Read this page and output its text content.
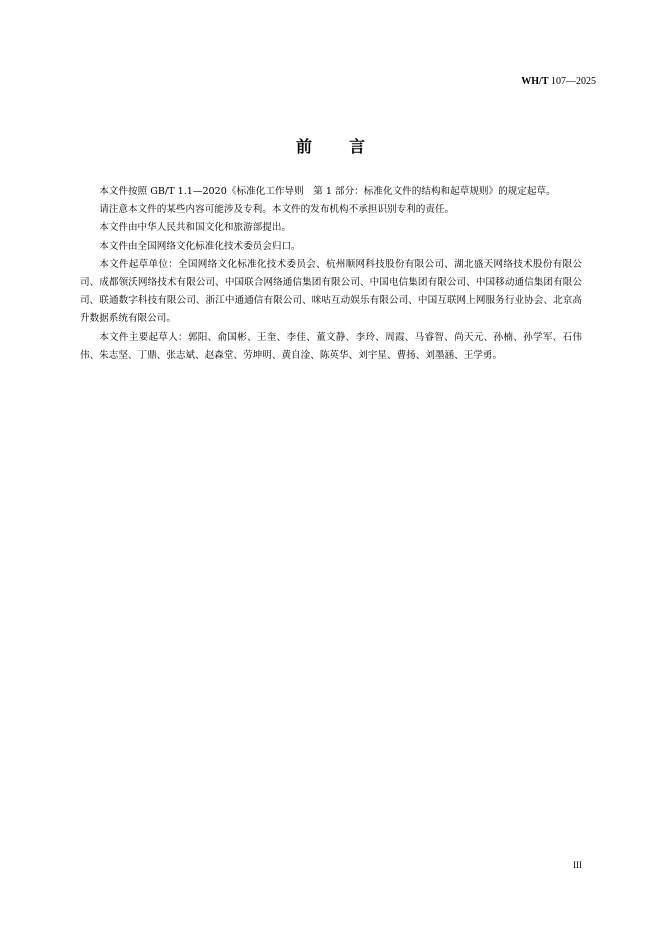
WH/T 107—2025
前 言

本文件按照 GB/T 1.1—2020《标准化工作导则　第 1 部分：标准化文件的结构和起草规则》的规定起草。

请注意本文件的某些内容可能涉及专利。本文件的发布机构不承担识别专利的责任。

本文件由中华人民共和国文化和旅游部提出。

本文件由全国网络文化标准化技术委员会归口。

本文件起草单位：全国网络文化标准化技术委员会、杭州顺网科技股份有限公司、湖北盛天网络技术股份有限公司、成都领沃网络技术有限公司、中国联合网络通信集团有限公司、中国电信集团有限公司、中国移动通信集团有限公司、联通数字科技有限公司、浙江中通通信有限公司、咪咕互动娱乐有限公司、中国互联网上网服务行业协会、北京高升数据系统有限公司。

本文件主要起草人：郭阳、俞国彬、王奎、李佳、董文静、李玲、周霞、马睿智、尚天元、孙楠、孙学军、石伟伟、朱志坚、丁鼎、张志斌、赵森堂、劳坤明、黄自淦、陈英华、刘宇星、曹扬、刘墨涵、王学勇。

III
